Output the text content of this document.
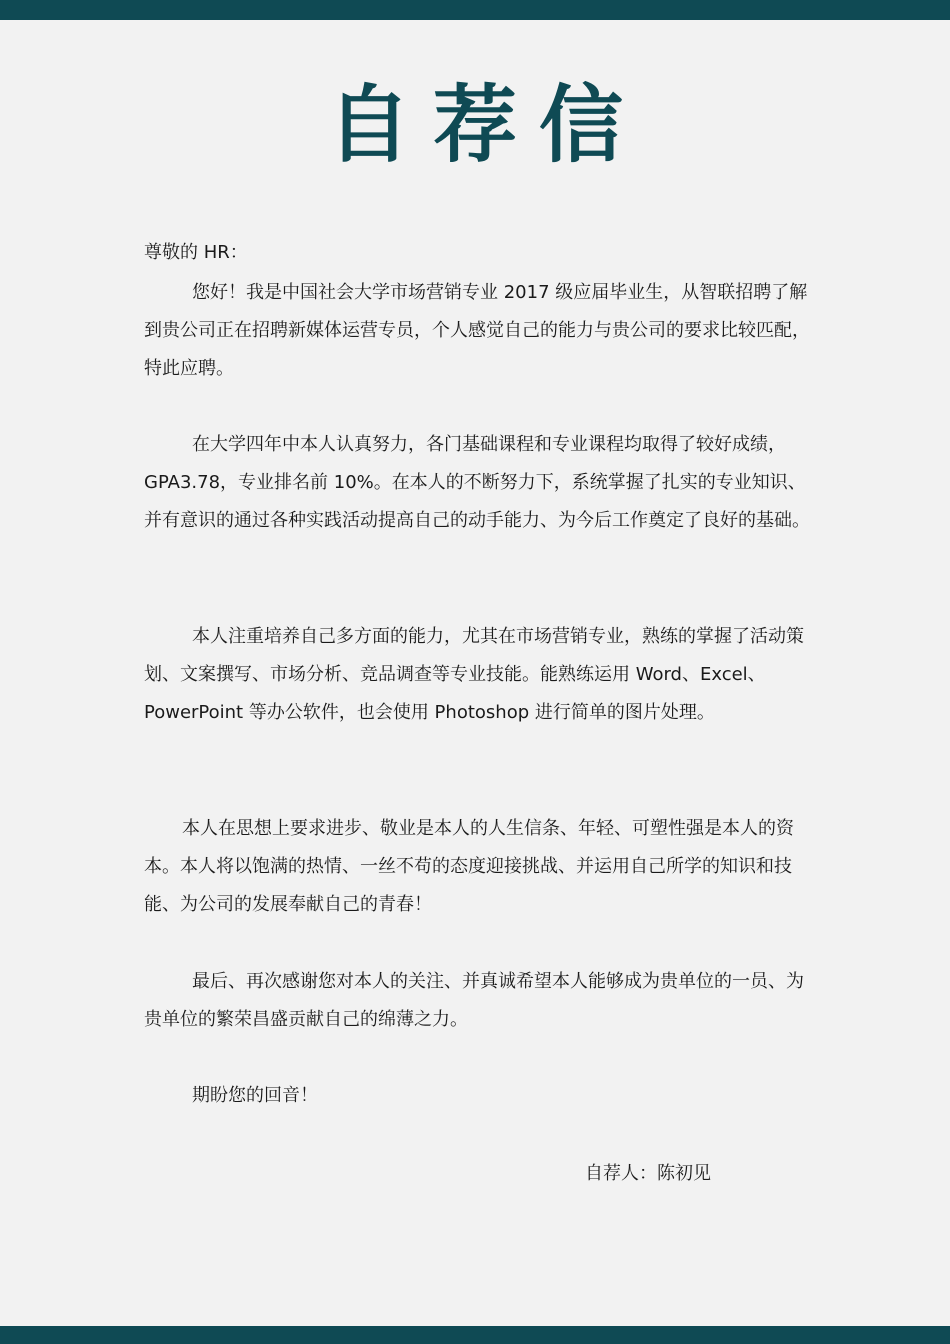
自荐信

尊敬的 HR：

您好！我是中国社会大学市场营销专业 2017 级应届毕业生，从智联招聘了解到贵公司正在招聘新媒体运营专员，个人感觉自己的能力与贵公司的要求比较匹配，特此应聘。

在大学四年中本人认真努力，各门基础课程和专业课程均取得了较好成绩，GPA3.78，专业排名前 10%。在本人的不断努力下，系统掌握了扎实的专业知识、并有意识的通过各种实践活动提高自己的动手能力、为今后工作奠定了良好的基础。

本人注重培养自己多方面的能力，尤其在市场营销专业，熟练的掌握了活动策划、文案撰写、市场分析、竞品调查等专业技能。能熟练运用 Word、Excel、PowerPoint 等办公软件，也会使用 Photoshop 进行简单的图片处理。

本人在思想上要求进步、敬业是本人的人生信条、年轻、可塑性强是本人的资本。本人将以饱满的热情、一丝不苟的态度迎接挑战、并运用自己所学的知识和技能、为公司的发展奉献自己的青春！

最后、再次感谢您对本人的关注、并真诚希望本人能够成为贵单位的一员、为贵单位的繁荣昌盛贡献自己的绵薄之力。

期盼您的回音！

自荐人：陈初见
